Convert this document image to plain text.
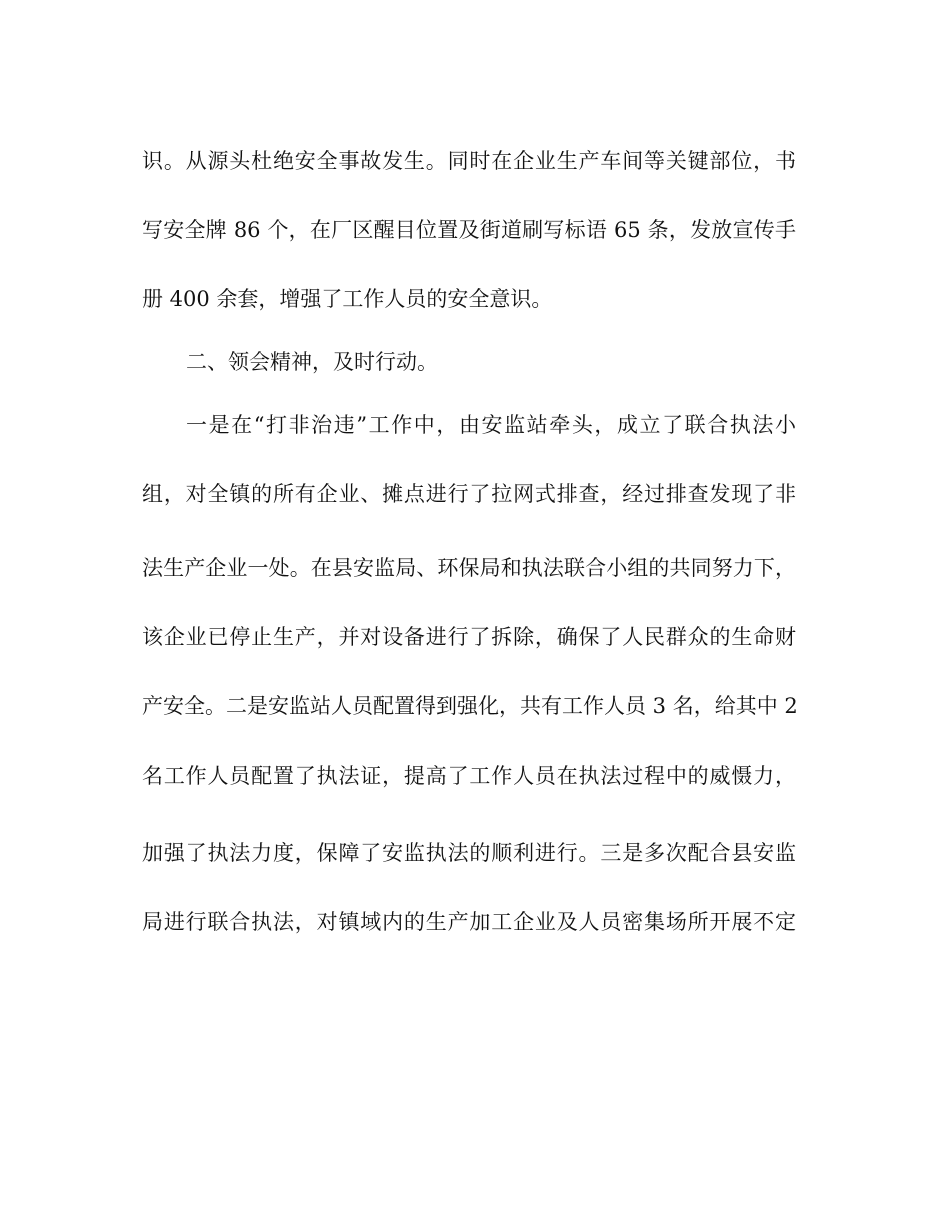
识。从源头杜绝安全事故发生。同时在企业生产车间等关键部位，书
写安全牌 86 个，在厂区醒目位置及街道刷写标语 65 条，发放宣传手
册 400 余套，增强了工作人员的安全意识。
二、领会精神，及时行动。
一是在“打非治违”工作中，由安监站牵头，成立了联合执法小
组，对全镇的所有企业、摊点进行了拉网式排查，经过排查发现了非
法生产企业一处。在县安监局、环保局和执法联合小组的共同努力下，
该企业已停止生产，并对设备进行了拆除，确保了人民群众的生命财
产安全。二是安监站人员配置得到强化，共有工作人员 3 名，给其中 2
名工作人员配置了执法证，提高了工作人员在执法过程中的威慑力，
加强了执法力度，保障了安监执法的顺利进行。三是多次配合县安监
局进行联合执法，对镇域内的生产加工企业及人员密集场所开展不定
